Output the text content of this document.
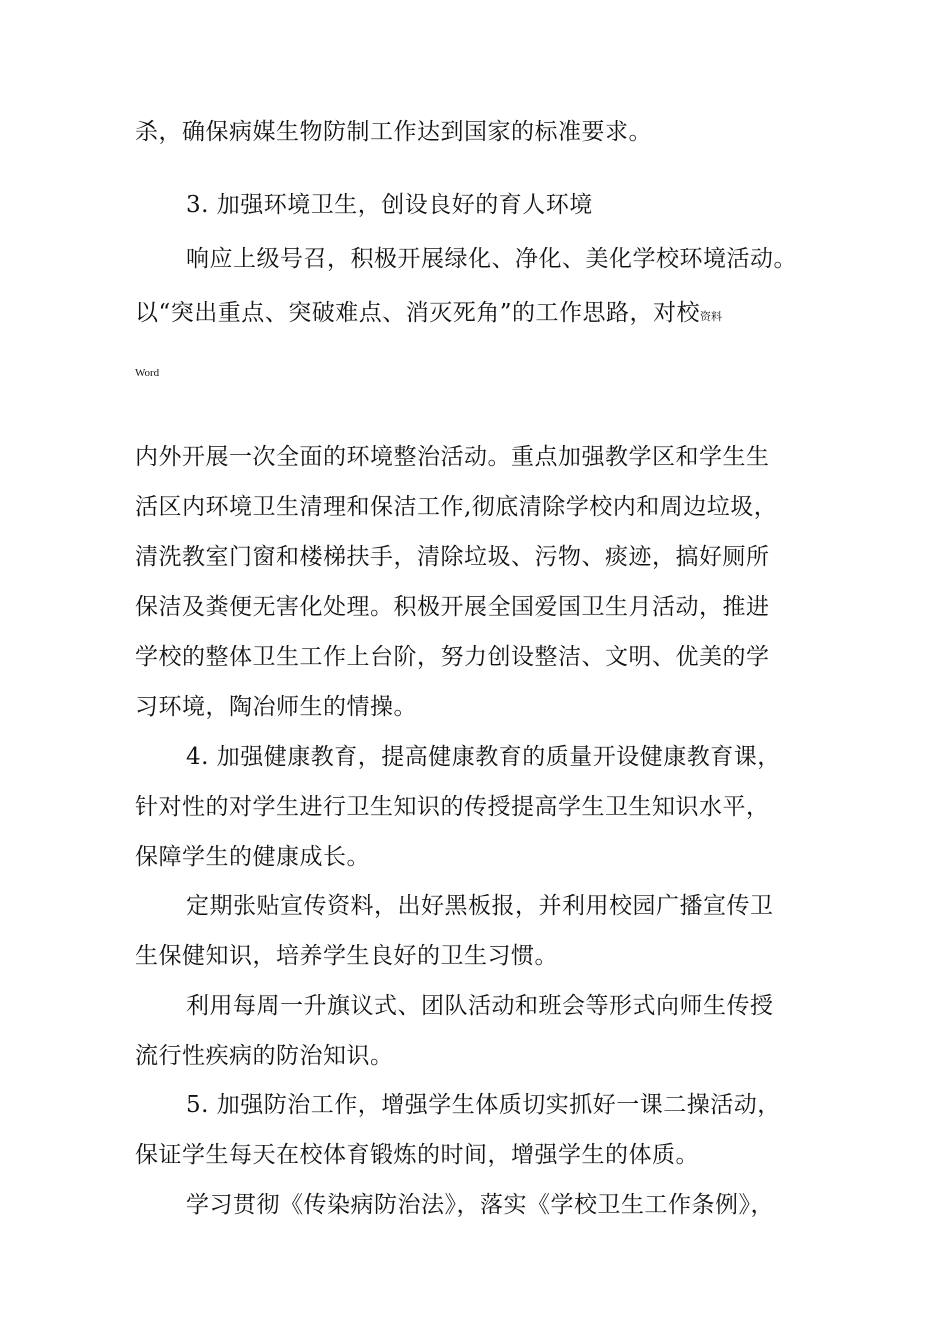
杀，确保病媒生物防制工作达到国家的标准要求。
3. 加强环境卫生，创设良好的育人环境
响应上级号召，积极开展绿化、净化、美化学校环境活动。
以“突出重点、突破难点、消灭死角”的工作思路，对校资料
Word
内外开展一次全面的环境整治活动。重点加强教学区和学生生
活区内环境卫生清理和保洁工作,彻底清除学校内和周边垃圾，
清洗教室门窗和楼梯扶手，清除垃圾、污物、痰迹，搞好厕所
保洁及粪便无害化处理。积极开展全国爱国卫生月活动，推进
学校的整体卫生工作上台阶，努力创设整洁、文明、优美的学
习环境，陶冶师生的情操。
4. 加强健康教育，提高健康教育的质量开设健康教育课，
针对性的对学生进行卫生知识的传授提高学生卫生知识水平，
保障学生的健康成长。
定期张贴宣传资料，出好黑板报，并利用校园广播宣传卫
生保健知识，培养学生良好的卫生习惯。
利用每周一升旗议式、团队活动和班会等形式向师生传授
流行性疾病的防治知识。
5. 加强防治工作，增强学生体质切实抓好一课二操活动，
保证学生每天在校体育锻炼的时间，增强学生的体质。
学习贯彻《传染病防治法》，落实《学校卫生工作条例》，
